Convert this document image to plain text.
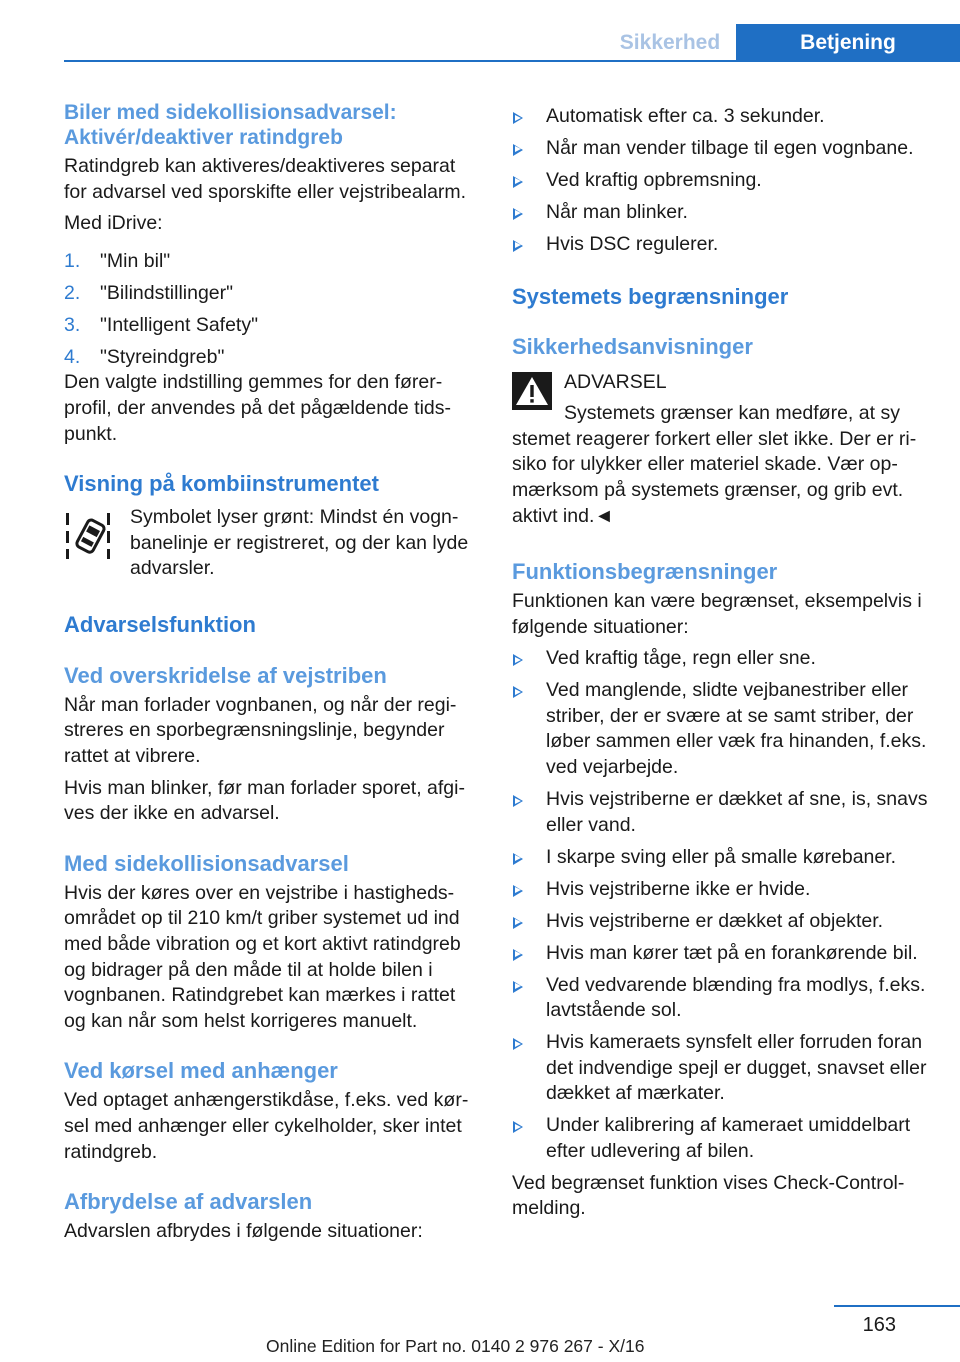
Sikkerhed	Betjening
Biler med sidekollisionsadvarsel: Aktivér/deaktiver ratindgreb

Ratindgreb kan aktiveres/deaktiveres separat for advarsel ved sporskifte eller vejstribealarm.

Med iDrive:

1. "Min bil"
2. "Bilindstillinger"
3. "Intelligent Safety"
4. "Styreindgreb"

Den valgte indstilling gemmes for den førerprofil, der anvendes på det pågældende tidspunkt.

Visning på kombiinstrumentet

Symbolet lyser grønt: Mindst én vognbanelinje er registreret, og der kan lyde advarsler.

Advarselsfunktion
Ved overskridelse af vejstriben

Når man forlader vognbanen, og når der registreres en sporbegrænsningslinje, begynder rattet at vibrere.

Hvis man blinker, før man forlader sporet, afgives der ikke en advarsel.

Med sidekollisionsadvarsel

Hvis der køres over en vejstribe i hastighedsområdet op til 210 km/t griber systemet ud ind med både vibration og et kort aktivt ratindgreb og bidrager på den måde til at holde bilen i vognbanen. Ratindgrebet kan mærkes i rattet og kan når som helst korrigeres manuelt.

Ved kørsel med anhænger

Ved optaget anhængerstikdåse, f.eks. ved kørsel med anhænger eller cykelholder, sker intet ratindgreb.

Afbrydelse af advarslen

Advarslen afbrydes i følgende situationer:

Automatisk efter ca. 3 sekunder.
Når man vender tilbage til egen vognbane.
Ved kraftig opbremsning.
Når man blinker.
Hvis DSC regulerer.
Systemets begrænsninger
Sikkerhedsanvisninger

ADVARSEL

Systemets grænser kan medføre, at sy

stemet reagerer forkert eller slet ikke. Der er risiko for ulykker eller materiel skade. Vær opmærksom på systemets grænser, og grib evt. aktivt ind.◄

Funktionsbegrænsninger

Funktionen kan være begrænset, eksempelvis i følgende situationer:

Ved kraftig tåge, regn eller sne.
Ved manglende, slidte vejbanestriber eller striber, der er svære at se samt striber, der løber sammen eller væk fra hinanden, f.eks. ved vejarbejde.
Hvis vejstriberne er dækket af sne, is, snavs eller vand.
I skarpe sving eller på smalle kørebaner.
Hvis vejstriberne ikke er hvide.
Hvis vejstriberne er dækket af objekter.
Hvis man kører tæt på en forankørende bil.
Ved vedvarende blænding fra modlys, f.eks. lavtstående sol.
Hvis kameraets synsfelt eller forruden foran det indvendige spejl er dugget, snavset eller dækket af mærkater.
Under kalibrering af kameraet umiddelbart efter udlevering af bilen.

Ved begrænset funktion vises Check-Control-melding.

163
Online Edition for Part no. 0140 2 976 267 - X/16
